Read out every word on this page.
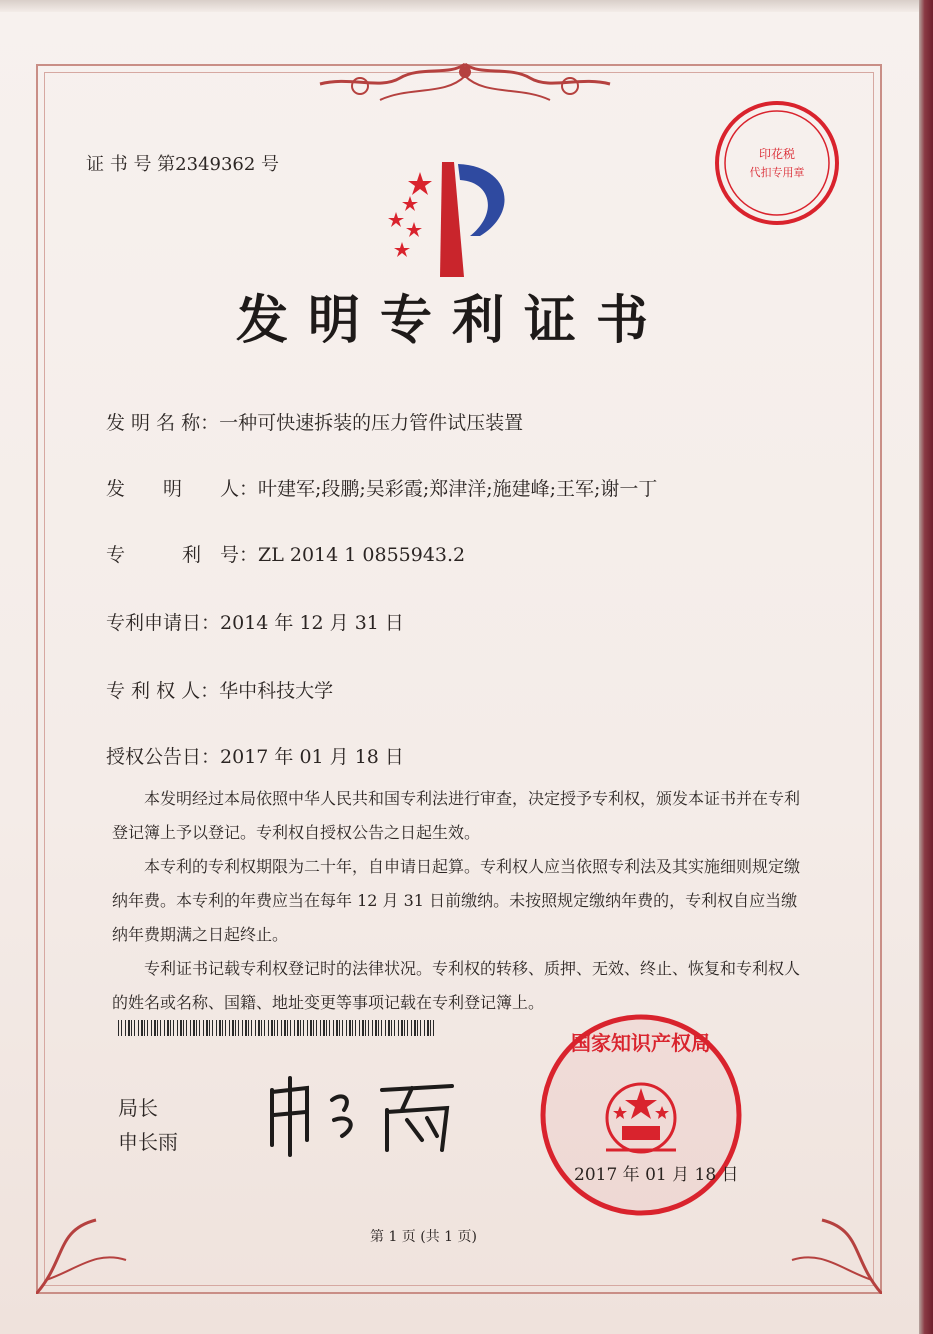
印花税
代扣专用章
证 书 号 第2349362 号
发明专利证书
发 明 名 称：一种可快速拆装的压力管件试压装置
发　　明　　人：叶建军;段鹏;吴彩霞;郑津洋;施建峰;王军;谢一丁
专　　　利　号：ZL 2014 1 0855943.2
专利申请日：2014 年 12 月 31 日
专 利 权 人：华中科技大学
授权公告日：2017 年 01 月 18 日

本发明经过本局依照中华人民共和国专利法进行审查，决定授予专利权，颁发本证书并在专利登记簿上予以登记。专利权自授权公告之日起生效。

本专利的专利权期限为二十年，自申请日起算。专利权人应当依照专利法及其实施细则规定缴纳年费。本专利的年费应当在每年 12 月 31 日前缴纳。未按照规定缴纳年费的，专利权自应当缴纳年费期满之日起终止。

专利证书记载专利权登记时的法律状况。专利权的转移、质押、无效、终止、恢复和专利权人的姓名或名称、国籍、地址变更等事项记载在专利登记簿上。

局长
申长雨
国家知识产权局
2017 年 01 月 18 日
第 1 页 (共 1 页)
